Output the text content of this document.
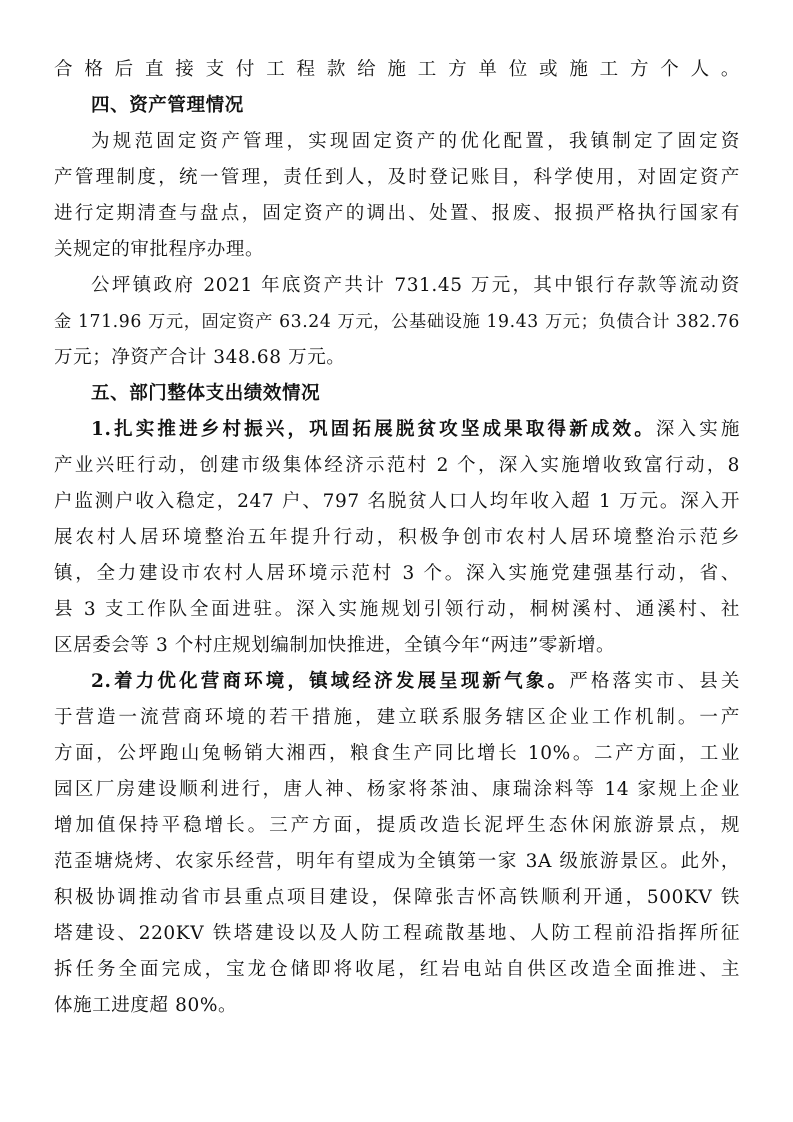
合格后直接支付工程款给施工方单位或施工方个人。
四、资产管理情况
为规范固定资产管理，实现固定资产的优化配置，我镇制定了固定资
产管理制度，统一管理，责任到人，及时登记账目，科学使用，对固定资产
进行定期清查与盘点，固定资产的调出、处置、报废、报损严格执行国家有
关规定的审批程序办理。
公坪镇政府 2021 年底资产共计 731.45 万元，其中银行存款等流动资
金 171.96 万元，固定资产 63.24 万元，公基础设施 19.43 万元；负债合计 382.76
万元；净资产合计 348.68 万元。
五、部门整体支出绩效情况
1.扎实推进乡村振兴，巩固拓展脱贫攻坚成果取得新成效。深入实施
产业兴旺行动，创建市级集体经济示范村 2 个，深入实施增收致富行动，8
户监测户收入稳定，247 户、797 名脱贫人口人均年收入超 1 万元。深入开
展农村人居环境整治五年提升行动，积极争创市农村人居环境整治示范乡
镇，全力建设市农村人居环境示范村 3 个。深入实施党建强基行动，省、
县 3 支工作队全面进驻。深入实施规划引领行动，桐树溪村、通溪村、社
区居委会等 3 个村庄规划编制加快推进，全镇今年“两违”零新增。
2.着力优化营商环境，镇域经济发展呈现新气象。严格落实市、县关
于营造一流营商环境的若干措施，建立联系服务辖区企业工作机制。一产
方面，公坪跑山兔畅销大湘西，粮食生产同比增长 10%。二产方面，工业
园区厂房建设顺利进行，唐人神、杨家将茶油、康瑞涂料等 14 家规上企业
增加值保持平稳增长。三产方面，提质改造长泥坪生态休闲旅游景点，规
范歪塘烧烤、农家乐经营，明年有望成为全镇第一家 3A 级旅游景区。此外，
积极协调推动省市县重点项目建设，保障张吉怀高铁顺利开通，500KV 铁
塔建设、220KV 铁塔建设以及人防工程疏散基地、人防工程前沿指挥所征
拆任务全面完成，宝龙仓储即将收尾，红岩电站自供区改造全面推进、主
体施工进度超 80%。
